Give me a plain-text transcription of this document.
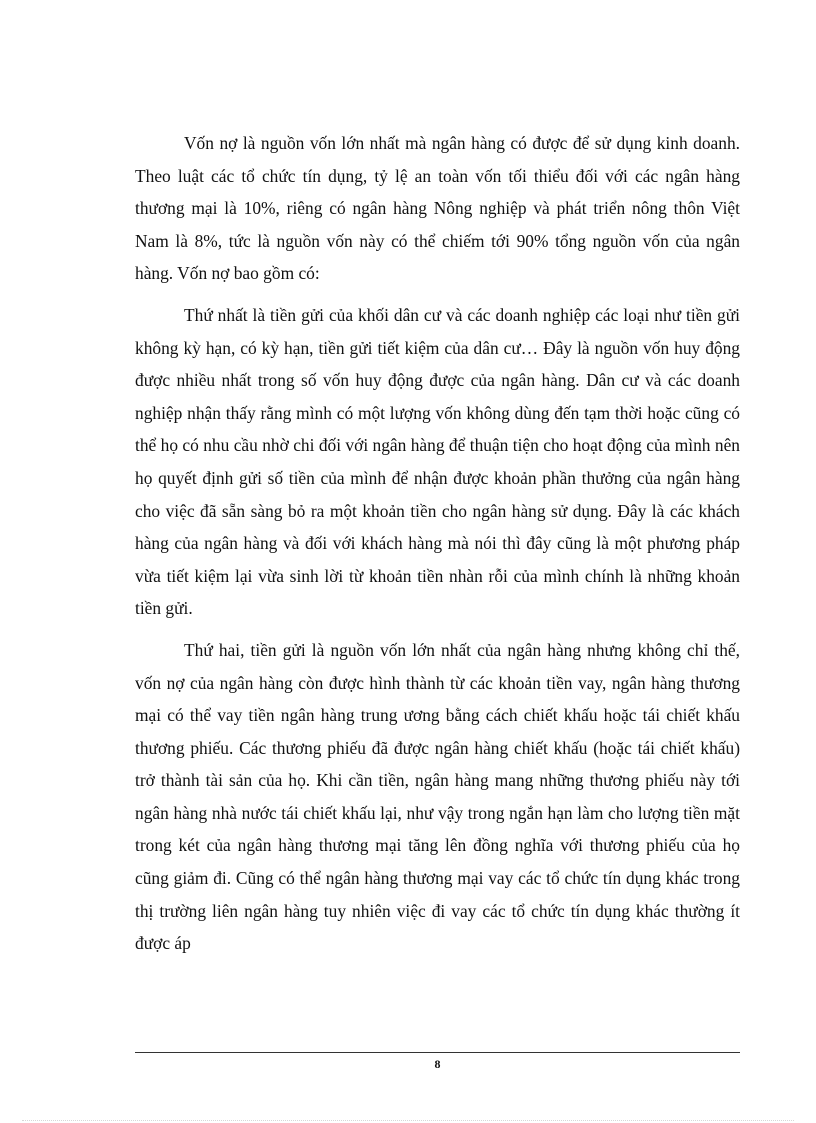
Vốn nợ là nguồn vốn lớn nhất mà ngân hàng có được để sử dụng kinh doanh. Theo luật các tổ chức tín dụng, tỷ lệ an toàn vốn tối thiểu đối với các ngân hàng thương mại là 10%, riêng có ngân hàng Nông nghiệp và phát triển nông thôn Việt Nam là 8%, tức là nguồn vốn này có thể chiếm tới 90% tổng nguồn vốn của ngân hàng. Vốn nợ bao gồm có:

Thứ nhất là tiền gửi của khối dân cư và các doanh nghiệp các loại như tiền gửi không kỳ hạn, có kỳ hạn, tiền gửi tiết kiệm của dân cư… Đây là nguồn vốn huy động được nhiều nhất trong số vốn huy động được của ngân hàng. Dân cư và các doanh nghiệp nhận thấy rằng mình có một lượng vốn không dùng đến tạm thời hoặc cũng có thể họ có nhu cầu nhờ chi đối với ngân hàng để thuận tiện cho hoạt động của mình nên họ quyết định gửi số tiền của mình để nhận được khoản phần thưởng của ngân hàng cho việc đã sẵn sàng bỏ ra một khoản tiền cho ngân hàng sử dụng. Đây là các khách hàng của ngân hàng và đối với khách hàng mà nói thì đây cũng là một phương pháp vừa tiết kiệm lại vừa sinh lời từ khoản tiền nhàn rỗi của mình chính là những khoản tiền gửi.

Thứ hai, tiền gửi là nguồn vốn lớn nhất của ngân hàng nhưng không chỉ thế, vốn nợ của ngân hàng còn được hình thành từ các khoản tiền vay, ngân hàng thương mại có thể vay tiền ngân hàng trung ương bằng cách chiết khấu hoặc tái chiết khấu thương phiếu. Các thương phiếu đã được ngân hàng chiết khấu (hoặc tái chiết khấu) trở thành tài sản của họ. Khi cần tiền, ngân hàng mang những thương phiếu này tới ngân hàng nhà nước tái chiết khấu lại, như vậy trong ngắn hạn làm cho lượng tiền mặt trong két của ngân hàng thương mại tăng lên đồng nghĩa với thương phiếu của họ cũng giảm đi. Cũng có thể ngân hàng thương mại vay các tổ chức tín dụng khác trong thị trường liên ngân hàng tuy nhiên việc đi vay các tổ chức tín dụng khác thường ít được áp

8
